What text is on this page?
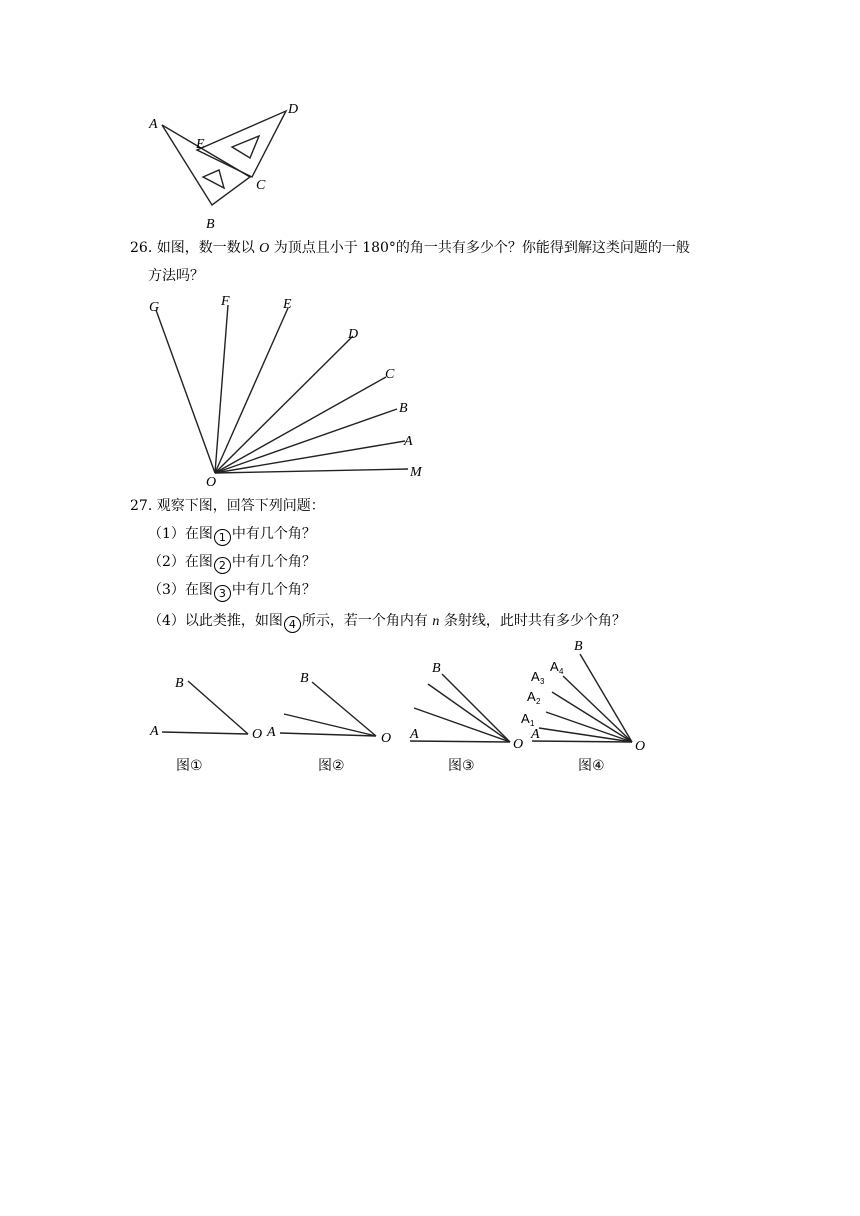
A
D
E
C
B
26. 如图，数一数以 O 为顶点且小于 180°的角一共有多少个？你能得到解这类问题的一般
方法吗？
G	F	E
D
C
B
A
M
O
27. 观察下图，回答下列问题：
（1）在图 1 中有几个角？
（2）在图 2 中有几个角？
（3）在图 3 中有几个角？
（4）以此类推，如图 4 所示，若一个角内有 n 条射线，此时共有多少个角？
B
A	O
图①
B
A	O
图②
B
A
O
图③
B
A 4
A 3
A 2
A 1
A
O
图④
